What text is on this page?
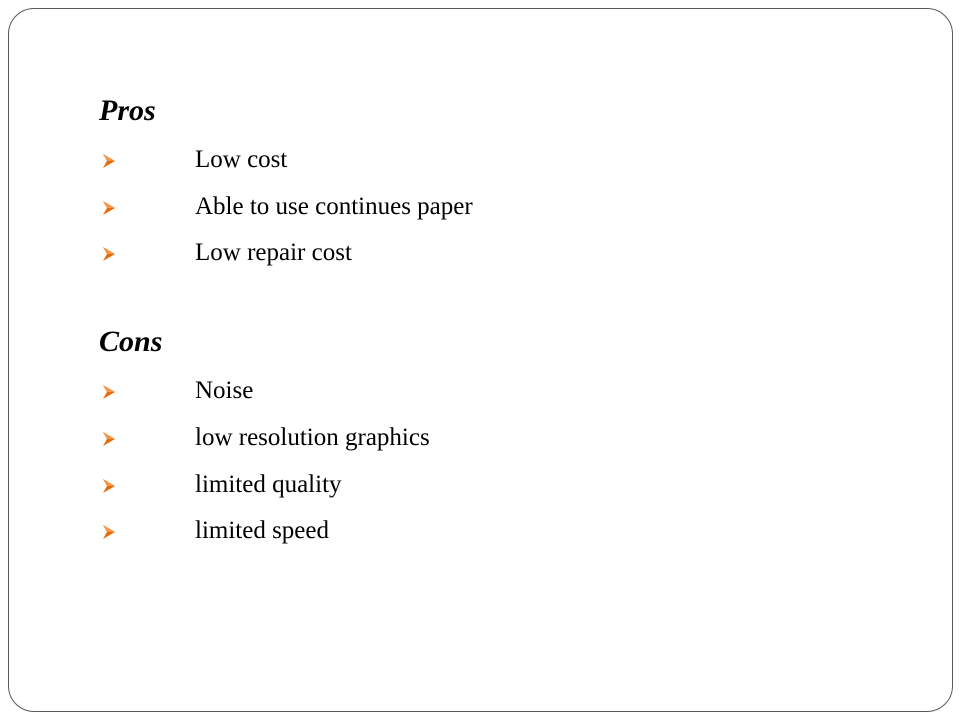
Pros
Low cost
Able to use continues paper
Low repair cost
Cons
Noise
low resolution graphics
limited quality
limited speed
